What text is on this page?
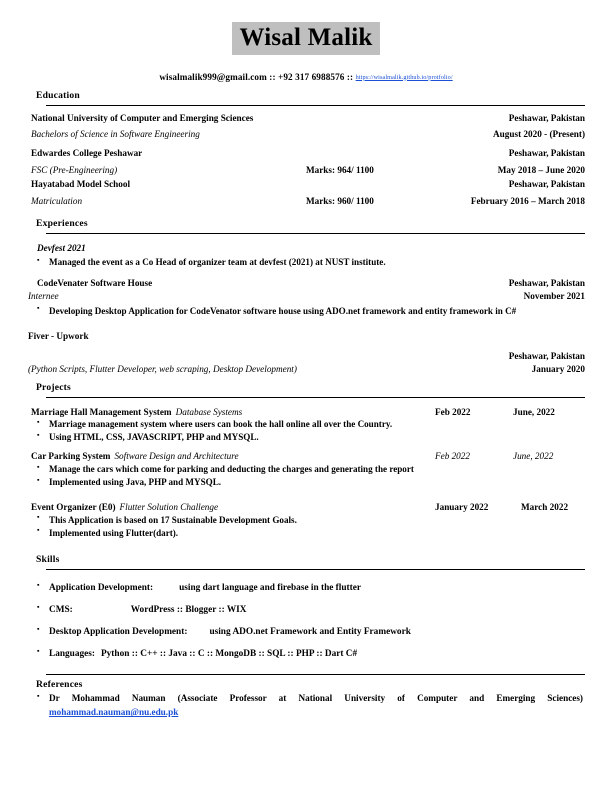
Wisal Malik
wisalmalik999@gmail.com :: +92 317 6988576 :: https://wisalmalik.github.io/protfolio/
Education
National University of Computer and Emerging Sciences	Peshawar, Pakistan
Bachelors of Science in Software Engineering	August 2020 - (Present)
Edwardes College Peshawar	Peshawar, Pakistan
FSC (Pre-Engineering)	Marks: 964/ 1100	May 2018 – June 2020
Hayatabad Model School	Peshawar, Pakistan
Matriculation	Marks: 960/ 1100	February 2016 – March 2018
Experiences
Devfest 2021
▪ Managed the event as a Co Head of organizer team at devfest (2021) at NUST institute.
CodeVenater Software House	Peshawar, Pakistan
Internee	November 2021
▪ Developing Desktop Application for CodeVenator software house using ADO.net framework and entity framework in C#
Fiver - Upwork
Peshawar, Pakistan
(Python Scripts, Flutter Developer, web scraping, Desktop Development)	January 2020
Projects
Marriage Hall Management System Database Systems	Feb 2022	June, 2022
▪ Marriage management system where users can book the hall online all over the Country.
▪ Using HTML, CSS, JAVASCRIPT, PHP and MYSQL.
Car Parking System Software Design and Architecture	Feb 2022	June, 2022
▪ Manage the cars which come for parking and deducting the charges and generating the report
▪ Implemented using Java, PHP and MYSQL.
Event Organizer (E0) Flutter Solution Challenge	January 2022	March 2022
▪ This Application is based on 17 Sustainable Development Goals.
▪ Implemented using Flutter(dart).
Skills
▪ Application Development:	using dart language and firebase in the flutter
▪ CMS:	WordPress :: Blogger :: WIX
▪ Desktop Application Development: using ADO.net Framework and Entity Framework
▪ Languages: Python :: C++ :: Java :: C :: MongoDB :: SQL :: PHP :: Dart C#
References
▪ Dr Mohammad Nauman (Associate Professor at National University of Computer and Emerging Sciences)
mohammad.nauman@nu.edu.pk
